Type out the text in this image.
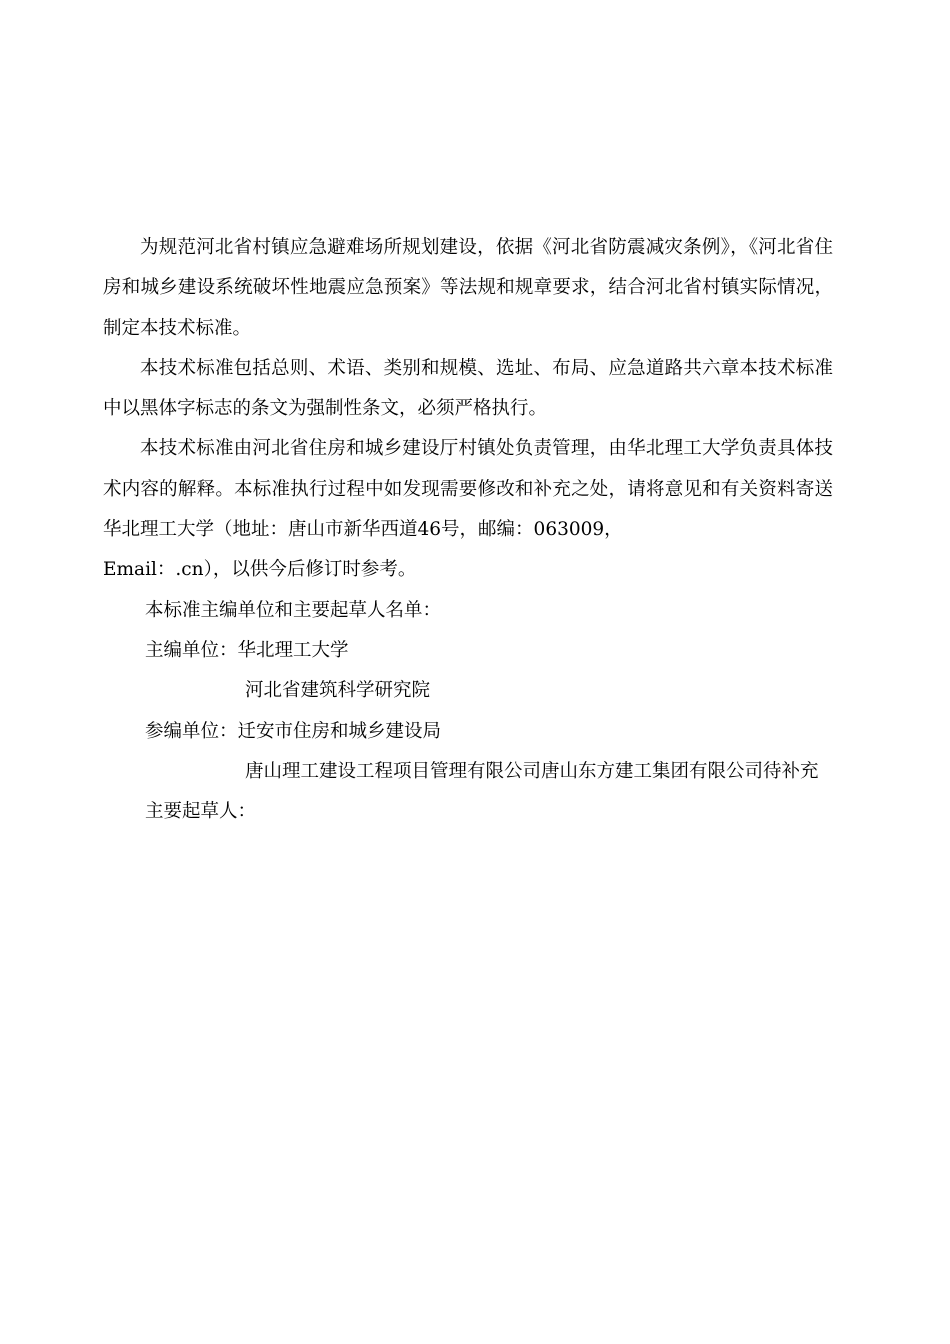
为规范河北省村镇应急避难场所规划建设，依据《河北省防震减灾条例》，《河北省住房和城乡建设系统破坏性地震应急预案》等法规和规章要求，结合河北省村镇实际情况，制定本技术标准。

本技术标准包括总则、术语、类别和规模、选址、布局、应急道路共六章本技术标准中以黑体字标志的条文为强制性条文，必须严格执行。

本技术标准由河北省住房和城乡建设厅村镇处负责管理，由华北理工大学负责具体技术内容的解释。本标准执行过程中如发现需要修改和补充之处，请将意见和有关资料寄送华北理工大学（地址：唐山市新华西道46号，邮编：063009，

Email：.cn），以供今后修订时参考。

本标准主编单位和主要起草人名单：

主编单位：华北理工大学

河北省建筑科学研究院

参编单位：迁安市住房和城乡建设局

唐山理工建设工程项目管理有限公司唐山东方建工集团有限公司待补充

主要起草人：
